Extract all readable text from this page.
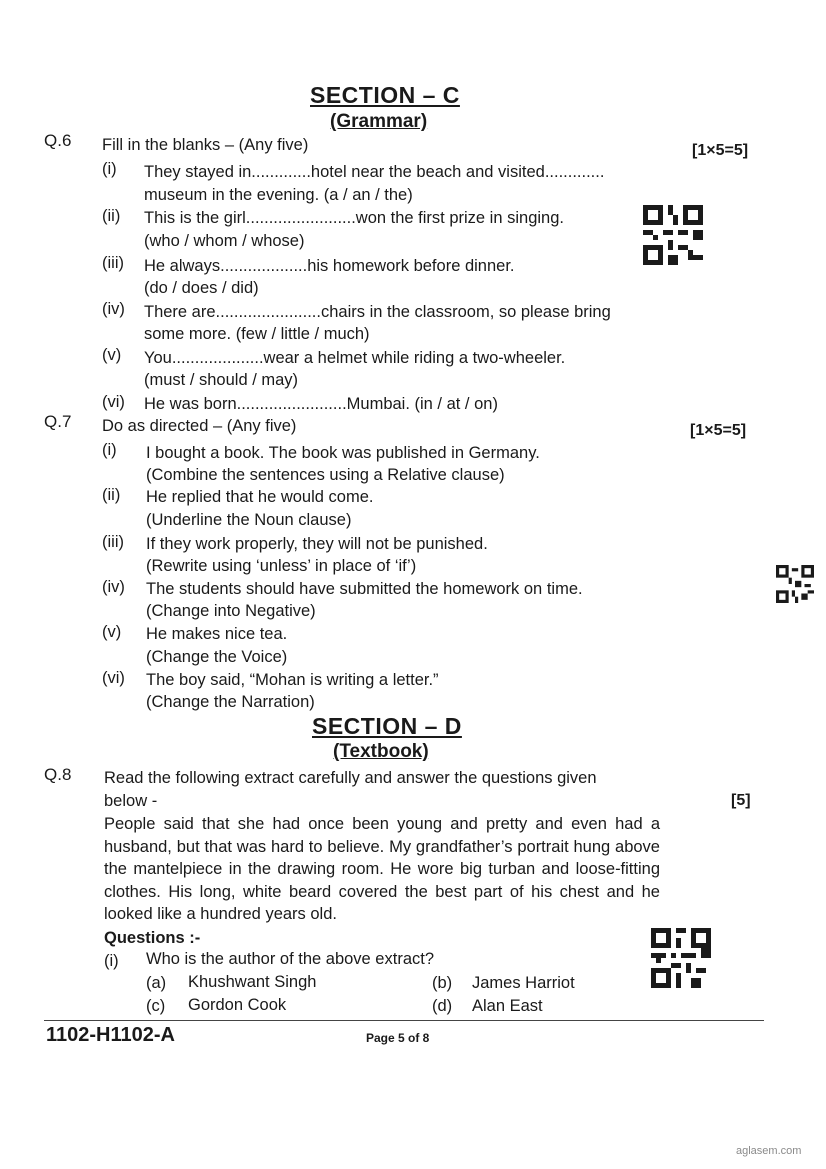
SECTION – C
(Grammar)
Q.6 Fill in the blanks – (Any five)	[1×5=5]
(i) They stayed in.............hotel near the beach and visited.............
museum in the evening. (a / an / the)
(ii) This is the girl........................won the first prize in singing.
(who / whom / whose)
(iii) He always...................his homework before dinner.
(do / does / did)
(iv) There are.......................chairs in the classroom, so please bring
some more. (few / little / much)
(v) You....................wear a helmet while riding a two-wheeler.
(must / should / may)
(vi) He was born........................Mumbai. (in / at / on)
Q.7 Do as directed – (Any five)	[1×5=5]
(i) I bought a book. The book was published in Germany.
(Combine the sentences using a Relative clause)
(ii) He replied that he would come.
(Underline the Noun clause)
(iii) If they work properly, they will not be punished.
(Rewrite using ‘unless’ in place of ‘if’)
(iv) The students should have submitted the homework on time.
(Change into Negative)
(v) He makes nice tea.
(Change the Voice)
(vi) The boy said, “Mohan is writing a letter.”
(Change the Narration)
SECTION – D
(Textbook)
Q.8 Read the following extract carefully and answer the questions given
below -	[5]
People said that she had once been young and pretty and even had a husband, but that was hard to believe. My grandfather’s portrait hung above the mantelpiece in the drawing room. He wore big turban and loose-fitting clothes. His long, white beard covered the best part of his chest and he looked like a hundred years old.
Questions :-
(i) Who is the author of the above extract?
(a) Khushwant Singh	(b) James Harriot
(c) Gordon Cook	(d) Alan East
1102-H1102-A	Page 5 of 8
aglasem.com
